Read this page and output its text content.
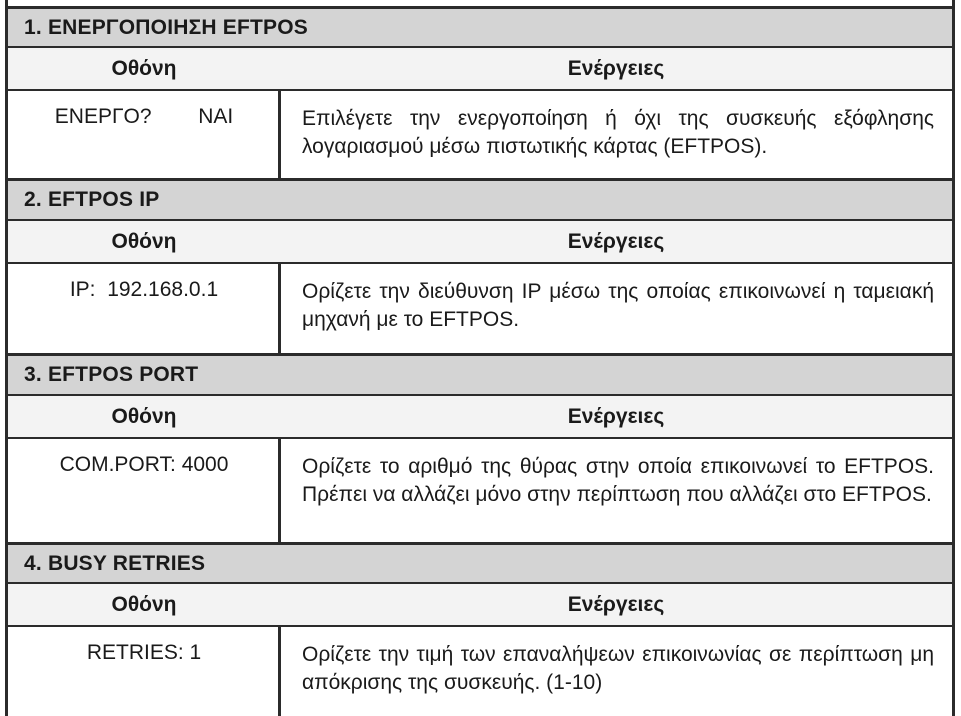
1. ΕΝΕΡΓΟΠΟΙΗΣΗ EFTPOS
Οθόνη	Ενέργειες
ΕΝΕΡΓΟ?        ΝΑΙ	Επιλέγετε την ενεργοποίηση ή όχι της συσκευής εξόφλησης λογαριασμού μέσω πιστωτικής κάρτας (EFTPOS).
2. EFTPOS IP
Οθόνη	Ενέργειες
IP:  192.168.0.1	Ορίζετε την διεύθυνση IP μέσω της οποίας επικοινωνεί η ταμειακή μηχανή με το EFTPOS.
3. EFTPOS PORT
Οθόνη	Ενέργειες
COM.PORT: 4000	Ορίζετε το αριθμό της θύρας στην οποία επικοινωνεί το EFTPOS. Πρέπει να αλλάζει μόνο στην περίπτωση που αλλάζει στο EFTPOS.
4. BUSY RETRIES
Οθόνη	Ενέργειες
RETRIES: 1	Ορίζετε την τιμή των επαναλήψεων επικοινωνίας σε περίπτωση μη απόκρισης της συσκευής. (1-10)
